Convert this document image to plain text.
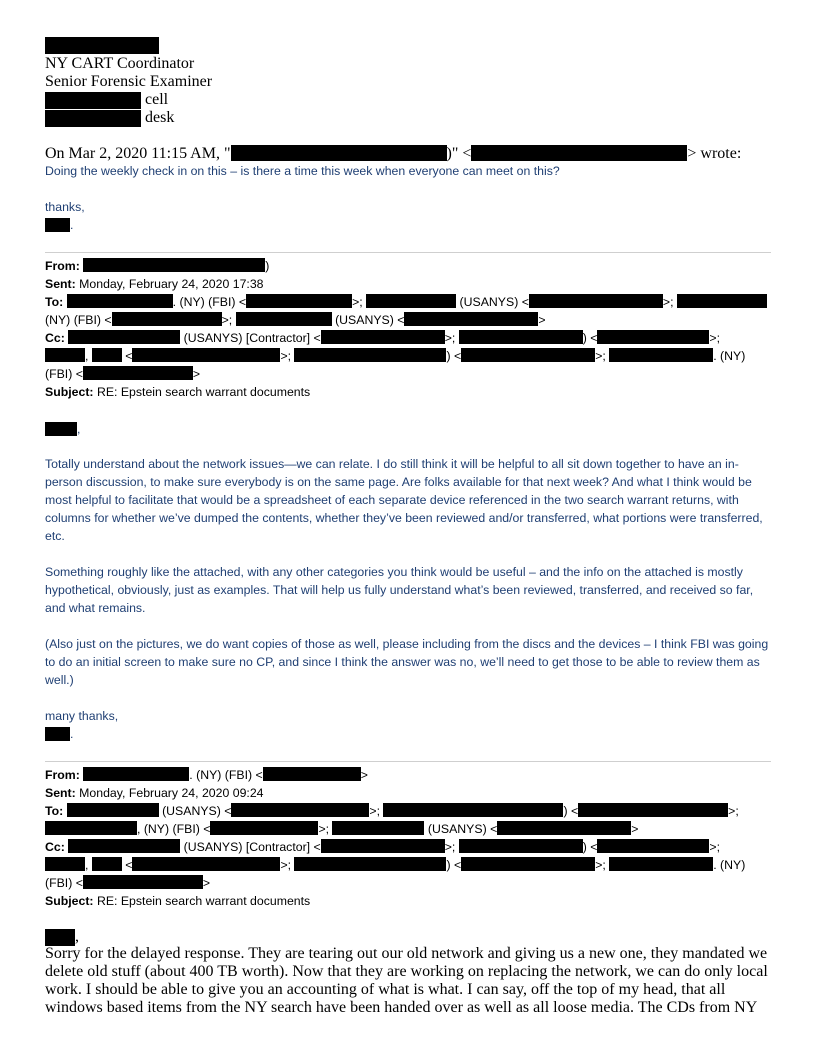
NY CART Coordinator
Senior Forensic Examiner
cell
desk
On Mar 2, 2020 11:15 AM, "	)" <	> wrote:
Doing the weekly check in on this – is there a time this week when everyone can meet on this?
thanks,
.
From:	)
Sent: Monday, February 24, 2020 17:38
To:	. (NY) (FBI) <	>;	(USANYS) <	>;
(NY) (FBI) <	>;	(USANYS) <	>
Cc:	(USANYS) [Contractor] <	>;	) <	>;
,	<	>;	) <	>;	. (NY)
(FBI) <	>
Subject: RE: Epstein search warrant documents
,
Totally understand about the network issues—we can relate. I do still think it will be helpful to all sit down together to have an in-person discussion, to make sure everybody is on the same page. Are folks available for that next week? And what I think would be most helpful to facilitate that would be a spreadsheet of each separate device referenced in the two search warrant returns, with columns for whether we’ve dumped the contents, whether they’ve been reviewed and/or transferred, what portions were transferred, etc.
Something roughly like the attached, with any other categories you think would be useful – and the info on the attached is mostly hypothetical, obviously, just as examples. That will help us fully understand what’s been reviewed, transferred, and received so far, and what remains.
(Also just on the pictures, we do want copies of those as well, please including from the discs and the devices – I think FBI was going to do an initial screen to make sure no CP, and since I think the answer was no, we’ll need to get those to be able to review them as well.)
many thanks,
.
From:	. (NY) (FBI) <	>
Sent: Monday, February 24, 2020 09:24
To:	(USANYS) <	>;	) <	>;
, (NY) (FBI) <	>;	(USANYS) <	>
Cc:	(USANYS) [Contractor] <	>;	) <	>;
,	<	>;	) <	>;	. (NY)
(FBI) <	>
Subject: RE: Epstein search warrant documents
,
Sorry for the delayed response. They are tearing out our old network and giving us a new one, they mandated we delete old stuff (about 400 TB worth). Now that they are working on replacing the network, we can do only local work. I should be able to give you an accounting of what is what. I can say, off the top of my head, that all windows based items from the NY search have been handed over as well as all loose media. The CDs from NY
